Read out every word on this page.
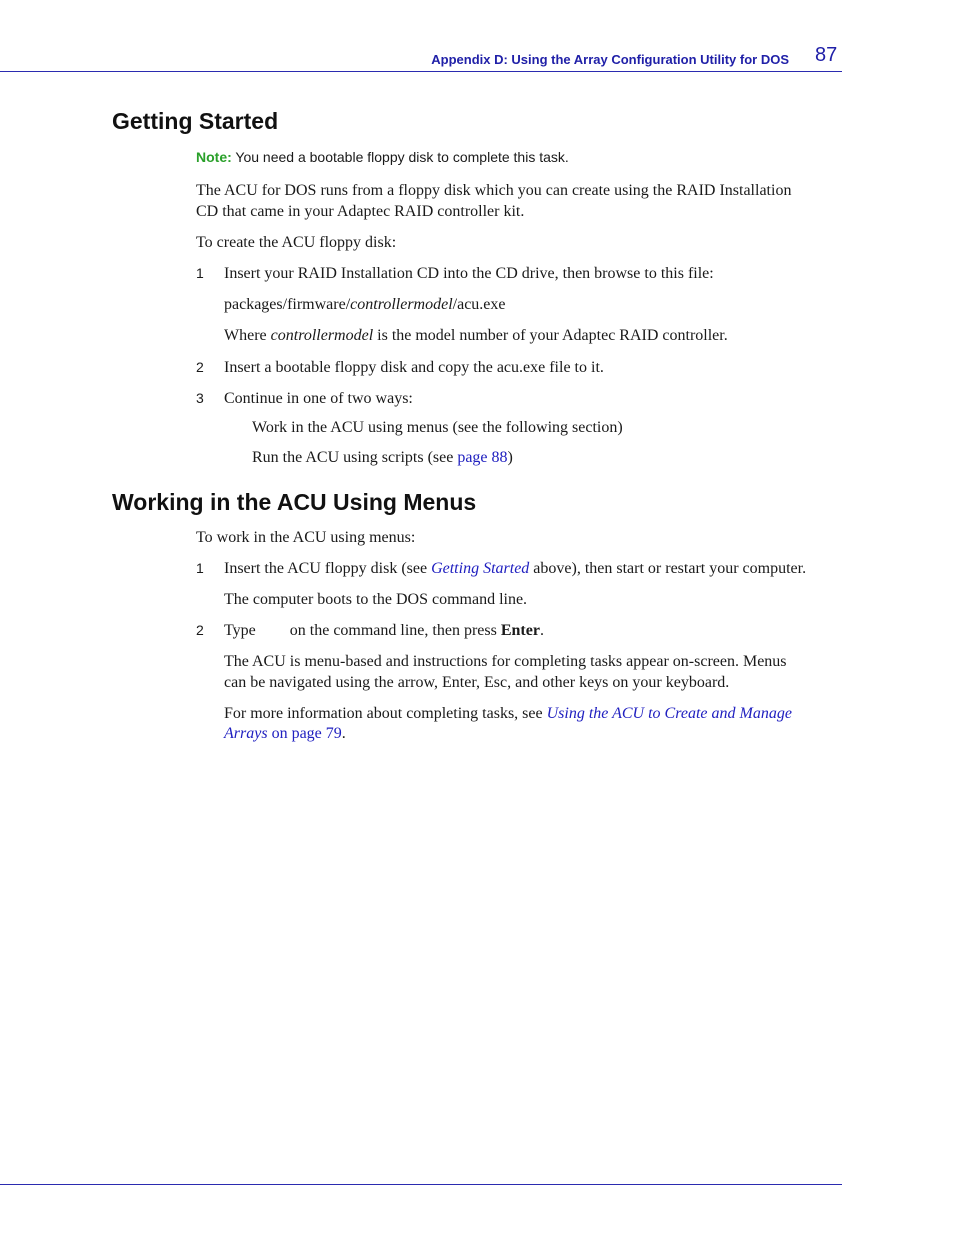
Appendix D: Using the Array Configuration Utility for DOS 87
Getting Started

Note: You need a bootable floppy disk to complete this task.

The ACU for DOS runs from a floppy disk which you can create using the RAID Installation

CD that came in your Adaptec RAID controller kit.

To create the ACU floppy disk:

1 Insert your RAID Installation CD into the CD drive, then browse to this file:

packages/firmware/controllermodel/acu.exe

Where controllermodel is the model number of your Adaptec RAID controller.

2 Insert a bootable floppy disk and copy the acu.exe file to it.

3 Continue in one of two ways:

Work in the ACU using menus (see the following section)

Run the ACU using scripts (see page 88)

Working in the ACU Using Menus

To work in the ACU using menus:

1 Insert the ACU floppy disk (see Getting Started above), then start or restart your computer.

The computer boots to the DOS command line.

2 Type  on the command line, then press Enter.

The ACU is menu-based and instructions for completing tasks appear on-screen. Menus

can be navigated using the arrow, Enter, Esc, and other keys on your keyboard.

For more information about completing tasks, see Using the ACU to Create and Manage

Arrays on page 79.
